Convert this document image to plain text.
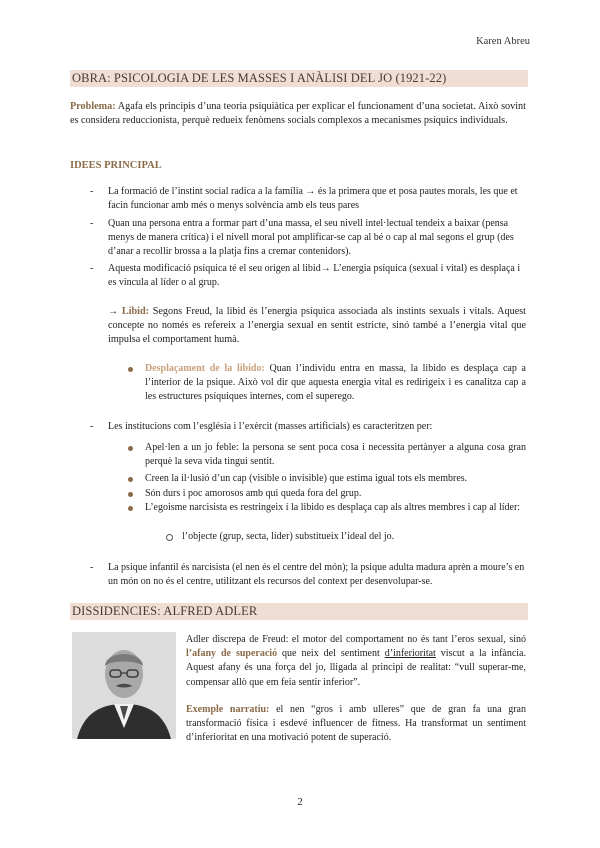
Karen Abreu
OBRA: PSICOLOGIA DE LES MASSES I ANÀLISI DEL JO (1921-22)
Problema: Agafa els principis d’una teoria psiquiàtica per explicar el funcionament d’una societat. Això sovint es considera reduccionista, perquè redueix fenòmens socials complexos a mecanismes psíquics individuals.
IDEES PRINCIPAL
- La formació de l’instint social radica a la família → és la primera que et posa pautes morals, les que et facin funcionar amb més o menys solvència amb els teus pares
- Quan una persona entra a formar part d’una massa, el seu nivell intel·lectual tendeix a baixar (pensa menys de manera crítica) i el nivell moral pot amplificar-se cap al bé o cap al mal segons el grup (des d’anar a recollir brossa a la platja fins a cremar contenidors).
- Aquesta modificació psíquica té el seu origen al libid→ L’energia psíquica (sexual i vital) es desplaça i es vincula al líder o al grup.
→ Libid: Segons Freud, la libid és l’energia psíquica associada als instints sexuals i vitals. Aquest concepte no només es refereix a l’energia sexual en sentit estricte, sinó també a l’energia vital que impulsa el comportament humà.
Desplaçament de la libido: Quan l’individu entra en massa, la libido es desplaça cap a l’interior de la psique. Això vol dir que aquesta energia vital es redirigeix i es canalitza cap a les estructures psíquiques internes, com el superego.
- Les institucions com l’església i l’exèrcit (masses artificials) es caracteritzen per:
Apel·len a un jo feble: la persona se sent poca cosa i necessita pertànyer a alguna cosa gran perquè la seva vida tingui sentit.
Creen la il·lusió d’un cap (visible o invisible) que estima igual tots els membres.
Són durs i poc amorosos amb qui queda fora del grup.
L’egoisme narcisista es restringeix i la libido es desplaça cap als altres membres i cap al líder:
l’objecte (grup, secta, líder) substitueix l’ideal del jo.
- La psique infantil és narcisista (el nen és el centre del món); la psique adulta madura aprèn a moure’s en un món on no és el centre, utilitzant els recursos del context per desenvolupar-se.
DISSIDENCIES: ALFRED ADLER
Adler discrepa de Freud: el motor del comportament no és tant l’eros sexual, sinó l’afany de superació que neix del sentiment d’inferioritat viscut a la infància. Aquest afany és una força del jo, lligada al principi de realitat: “vull superar-me, compensar allò que em feia sentir inferior”.
Exemple narratiu: el nen “gros i amb ulleres” que de gran fa una gran transformació física i esdevé influencer de fitness. Ha transformat un sentiment d’inferioritat en una motivació potent de superació.
2
